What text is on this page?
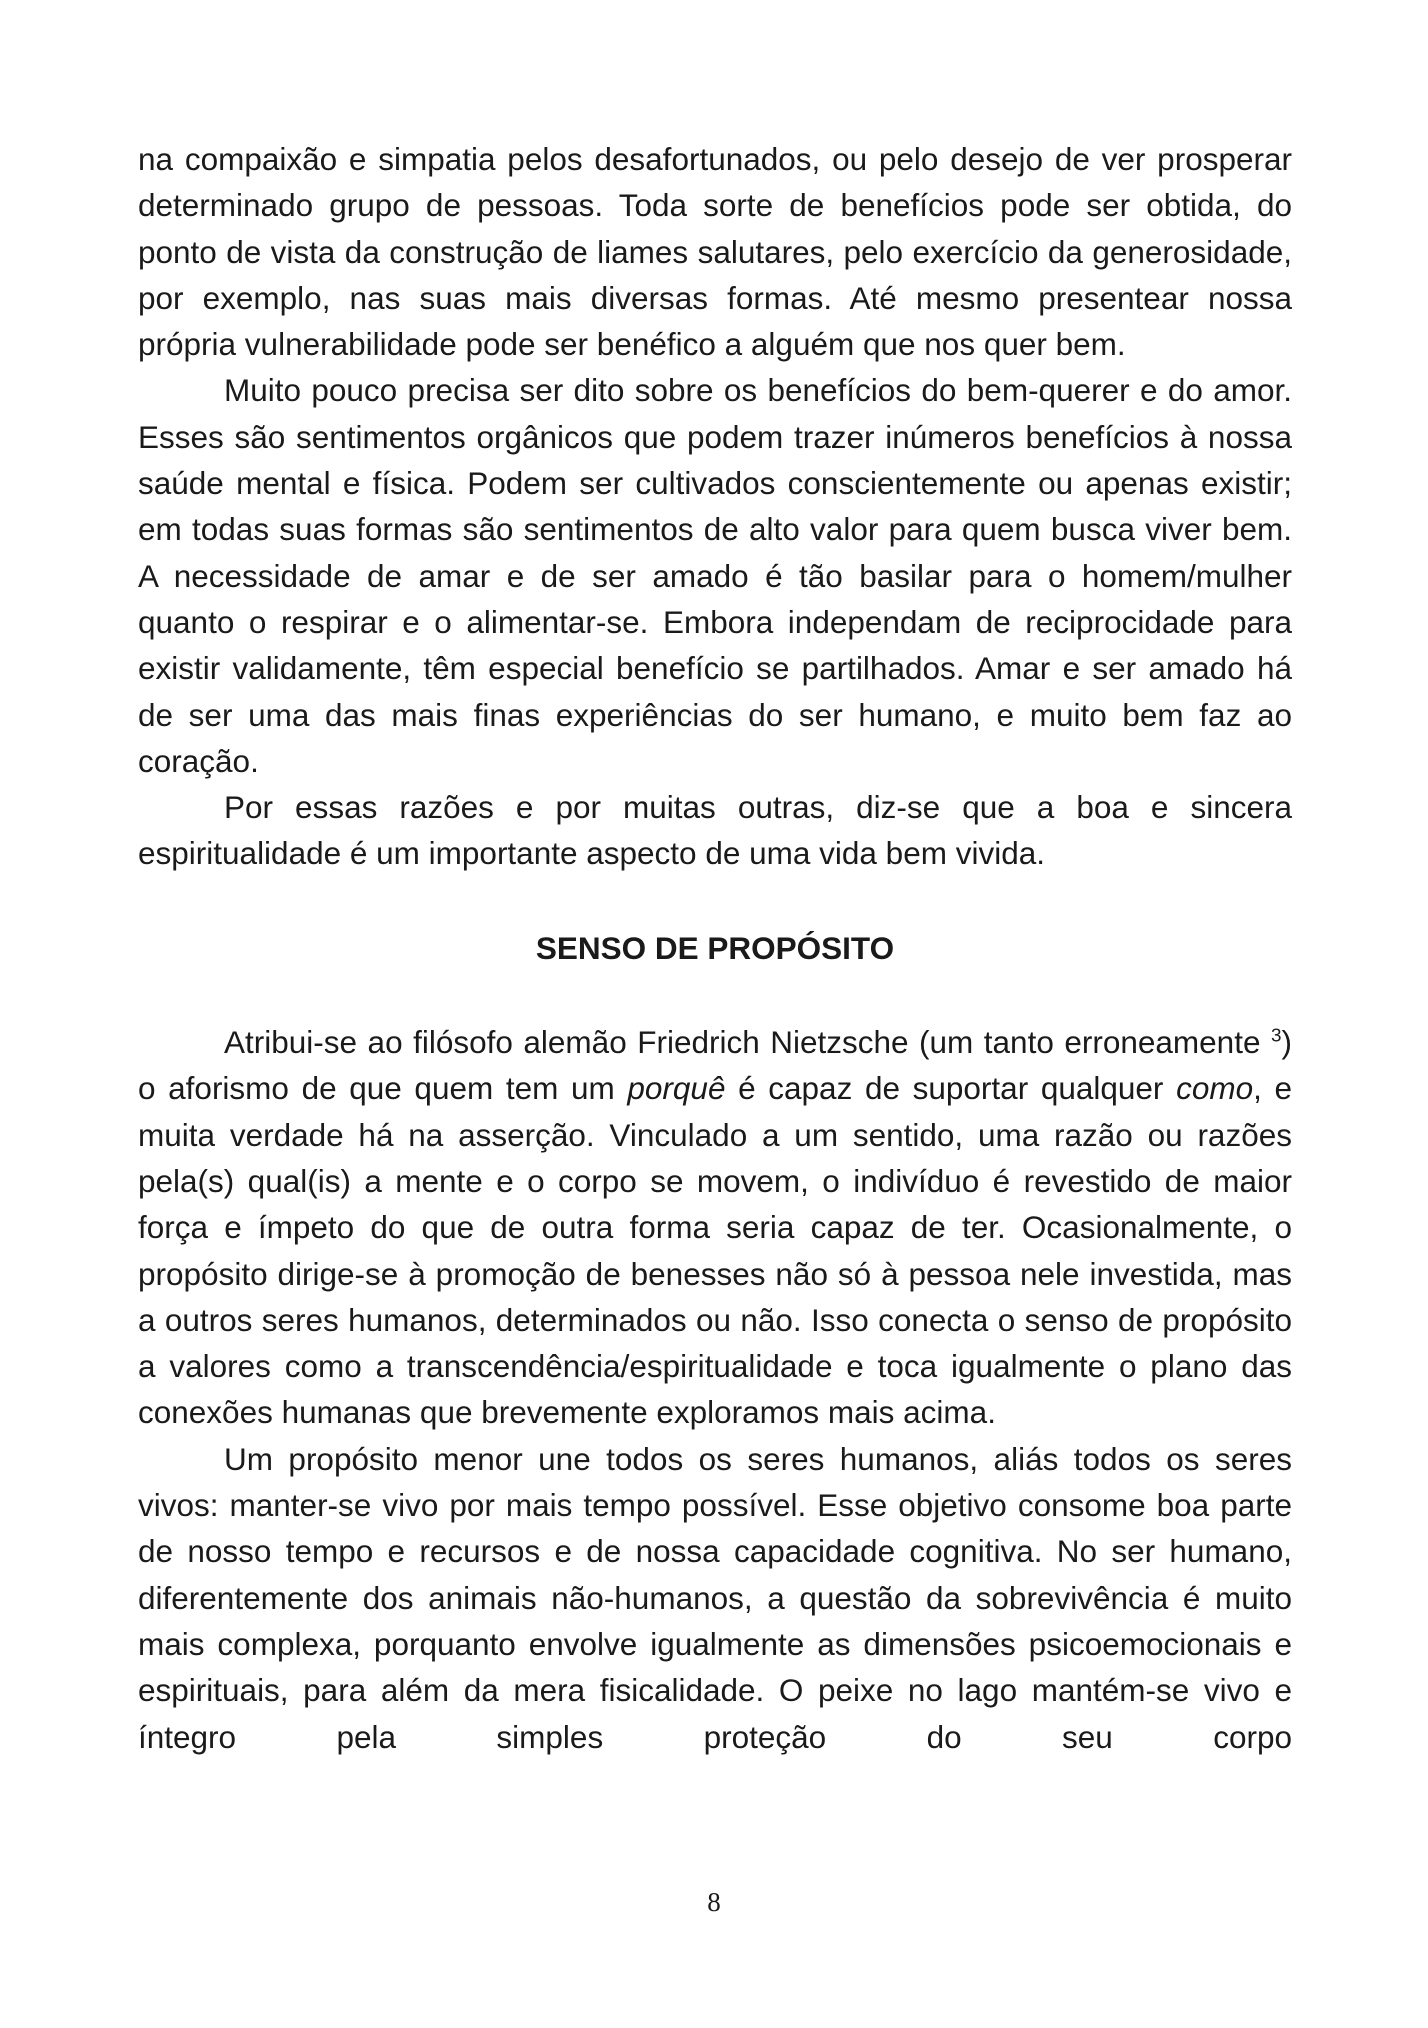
na compaixão e simpatia pelos desafortunados, ou pelo desejo de ver prosperar determinado grupo de pessoas. Toda sorte de benefícios pode ser obtida, do ponto de vista da construção de liames salutares, pelo exercício da generosidade, por exemplo, nas suas mais diversas formas. Até mesmo presentear nossa própria vulnerabilidade pode ser benéfico a alguém que nos quer bem.

Muito pouco precisa ser dito sobre os benefícios do bem-querer e do amor. Esses são sentimentos orgânicos que podem trazer inúmeros benefícios à nossa saúde mental e física. Podem ser cultivados conscientemente ou apenas existir; em todas suas formas são sentimentos de alto valor para quem busca viver bem. A necessidade de amar e de ser amado é tão basilar para o homem/mulher quanto o respirar e o alimentar-se. Embora independam de reciprocidade para existir validamente, têm especial benefício se partilhados. Amar e ser amado há de ser uma das mais finas experiências do ser humano, e muito bem faz ao coração.

Por essas razões e por muitas outras, diz-se que a boa e sincera espiritualidade é um importante aspecto de uma vida bem vivida.

SENSO DE PROPÓSITO

Atribui-se ao filósofo alemão Friedrich Nietzsche (um tanto erroneamente $^3$) o aforismo de que quem tem um porquê é capaz de suportar qualquer como, e muita verdade há na asserção. Vinculado a um sentido, uma razão ou razões pela(s) qual(is) a mente e o corpo se movem, o indivíduo é revestido de maior força e ímpeto do que de outra forma seria capaz de ter. Ocasionalmente, o propósito dirige-se à promoção de benesses não só à pessoa nele investida, mas a outros seres humanos, determinados ou não. Isso conecta o senso de propósito a valores como a transcendência/espiritualidade e toca igualmente o plano das conexões humanas que brevemente exploramos mais acima.

Um propósito menor une todos os seres humanos, aliás todos os seres vivos: manter-se vivo por mais tempo possível. Esse objetivo consome boa parte de nosso tempo e recursos e de nossa capacidade cognitiva. No ser humano, diferentemente dos animais não-humanos, a questão da sobrevivência é muito mais complexa, porquanto envolve igualmente as dimensões psicoemocionais e espirituais, para além da mera fisicalidade. O peixe no lago mantém-se vivo e íntegro pela simples proteção do seu corpo

8
